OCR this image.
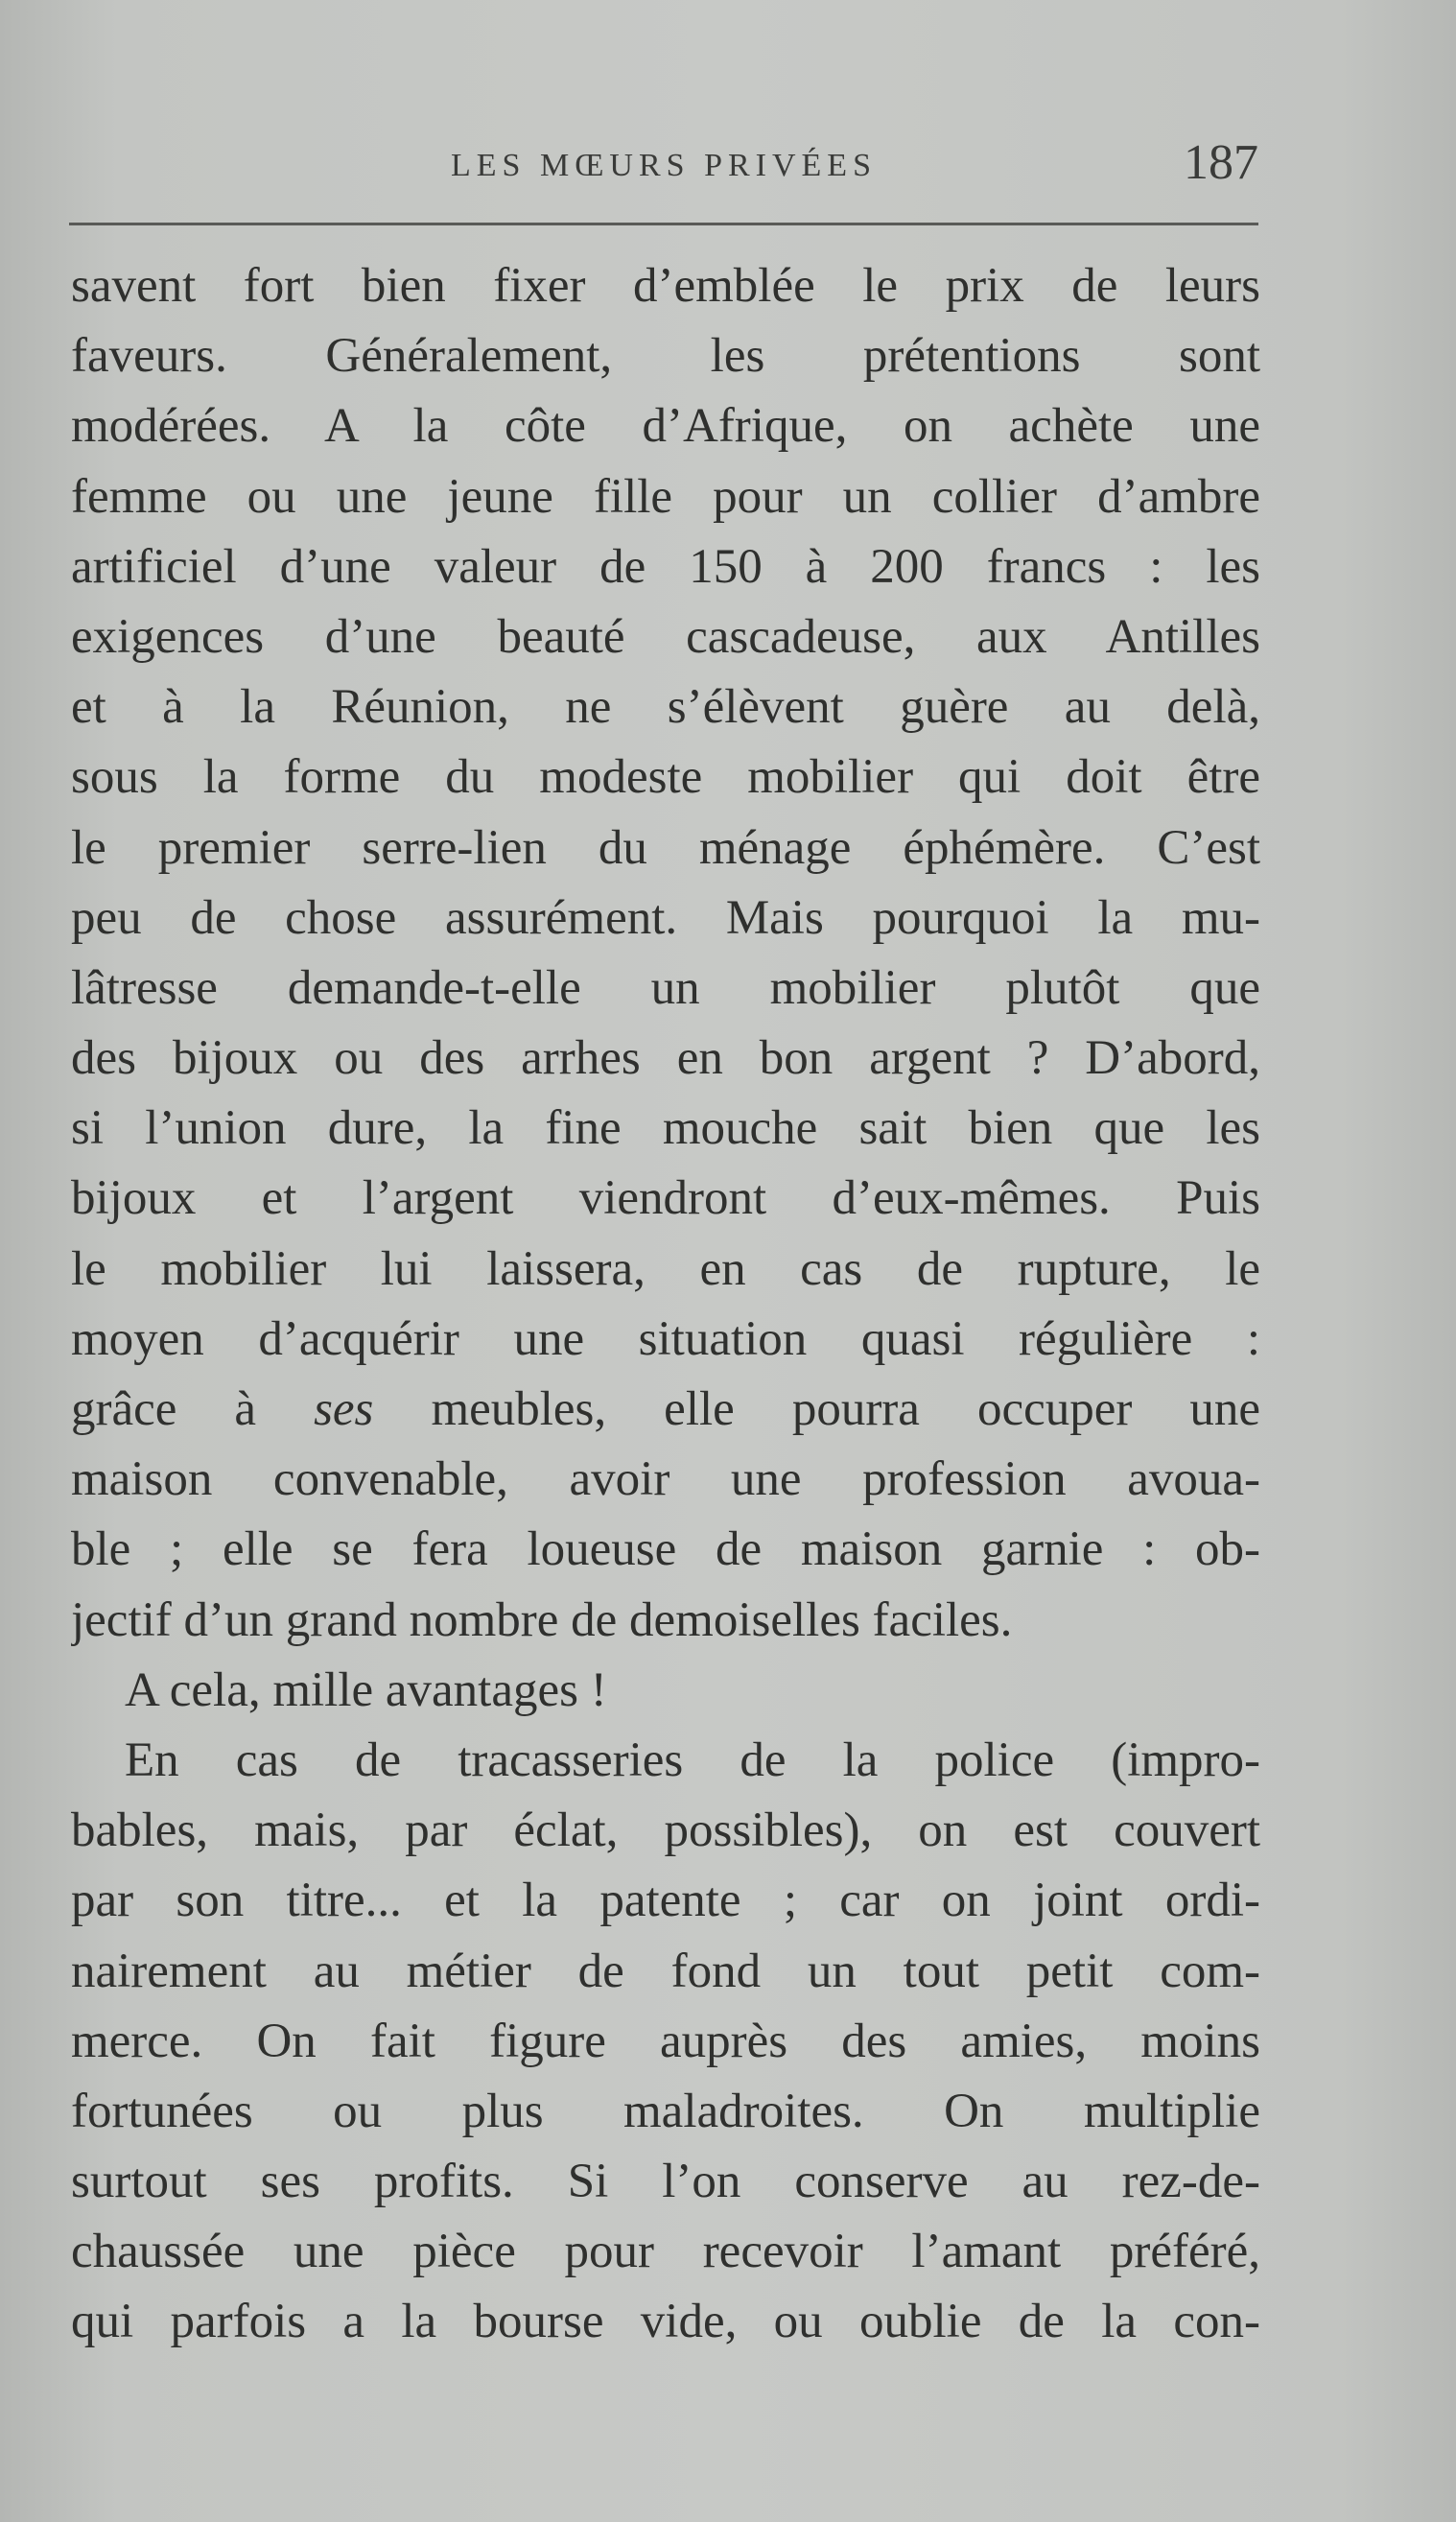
LES MŒURS PRIVÉES	187
savent fort bien fixer d’emblée le prix de leurs
faveurs. Généralement, les prétentions sont
modérées. A la côte d’Afrique, on achète une
femme ou une jeune fille pour un collier d’ambre
artificiel d’une valeur de 150 à 200 francs : les
exigences d’une beauté cascadeuse, aux Antilles
et à la Réunion, ne s’élèvent guère au delà,
sous la forme du modeste mobilier qui doit être
le premier serre-lien du ménage éphémère. C’est
peu de chose assurément. Mais pourquoi la mu-
lâtresse demande-t-elle un mobilier plutôt que
des bijoux ou des arrhes en bon argent ? D’abord,
si l’union dure, la fine mouche sait bien que les
bijoux et l’argent viendront d’eux-mêmes. Puis
le mobilier lui laissera, en cas de rupture, le
moyen d’acquérir une situation quasi régulière :
grâce à ses meubles, elle pourra occuper une
maison convenable, avoir une profession avoua-
ble ; elle se fera loueuse de maison garnie : ob-
jectif d’un grand nombre de demoiselles faciles.
A cela, mille avantages !
En cas de tracasseries de la police (impro-
bables, mais, par éclat, possibles), on est couvert
par son titre... et la patente ; car on joint ordi-
nairement au métier de fond un tout petit com-
merce. On fait figure auprès des amies, moins
fortunées ou plus maladroites. On multiplie
surtout ses profits. Si l’on conserve au rez-de-
chaussée une pièce pour recevoir l’amant préféré,
qui parfois a la bourse vide, ou oublie de la con-
